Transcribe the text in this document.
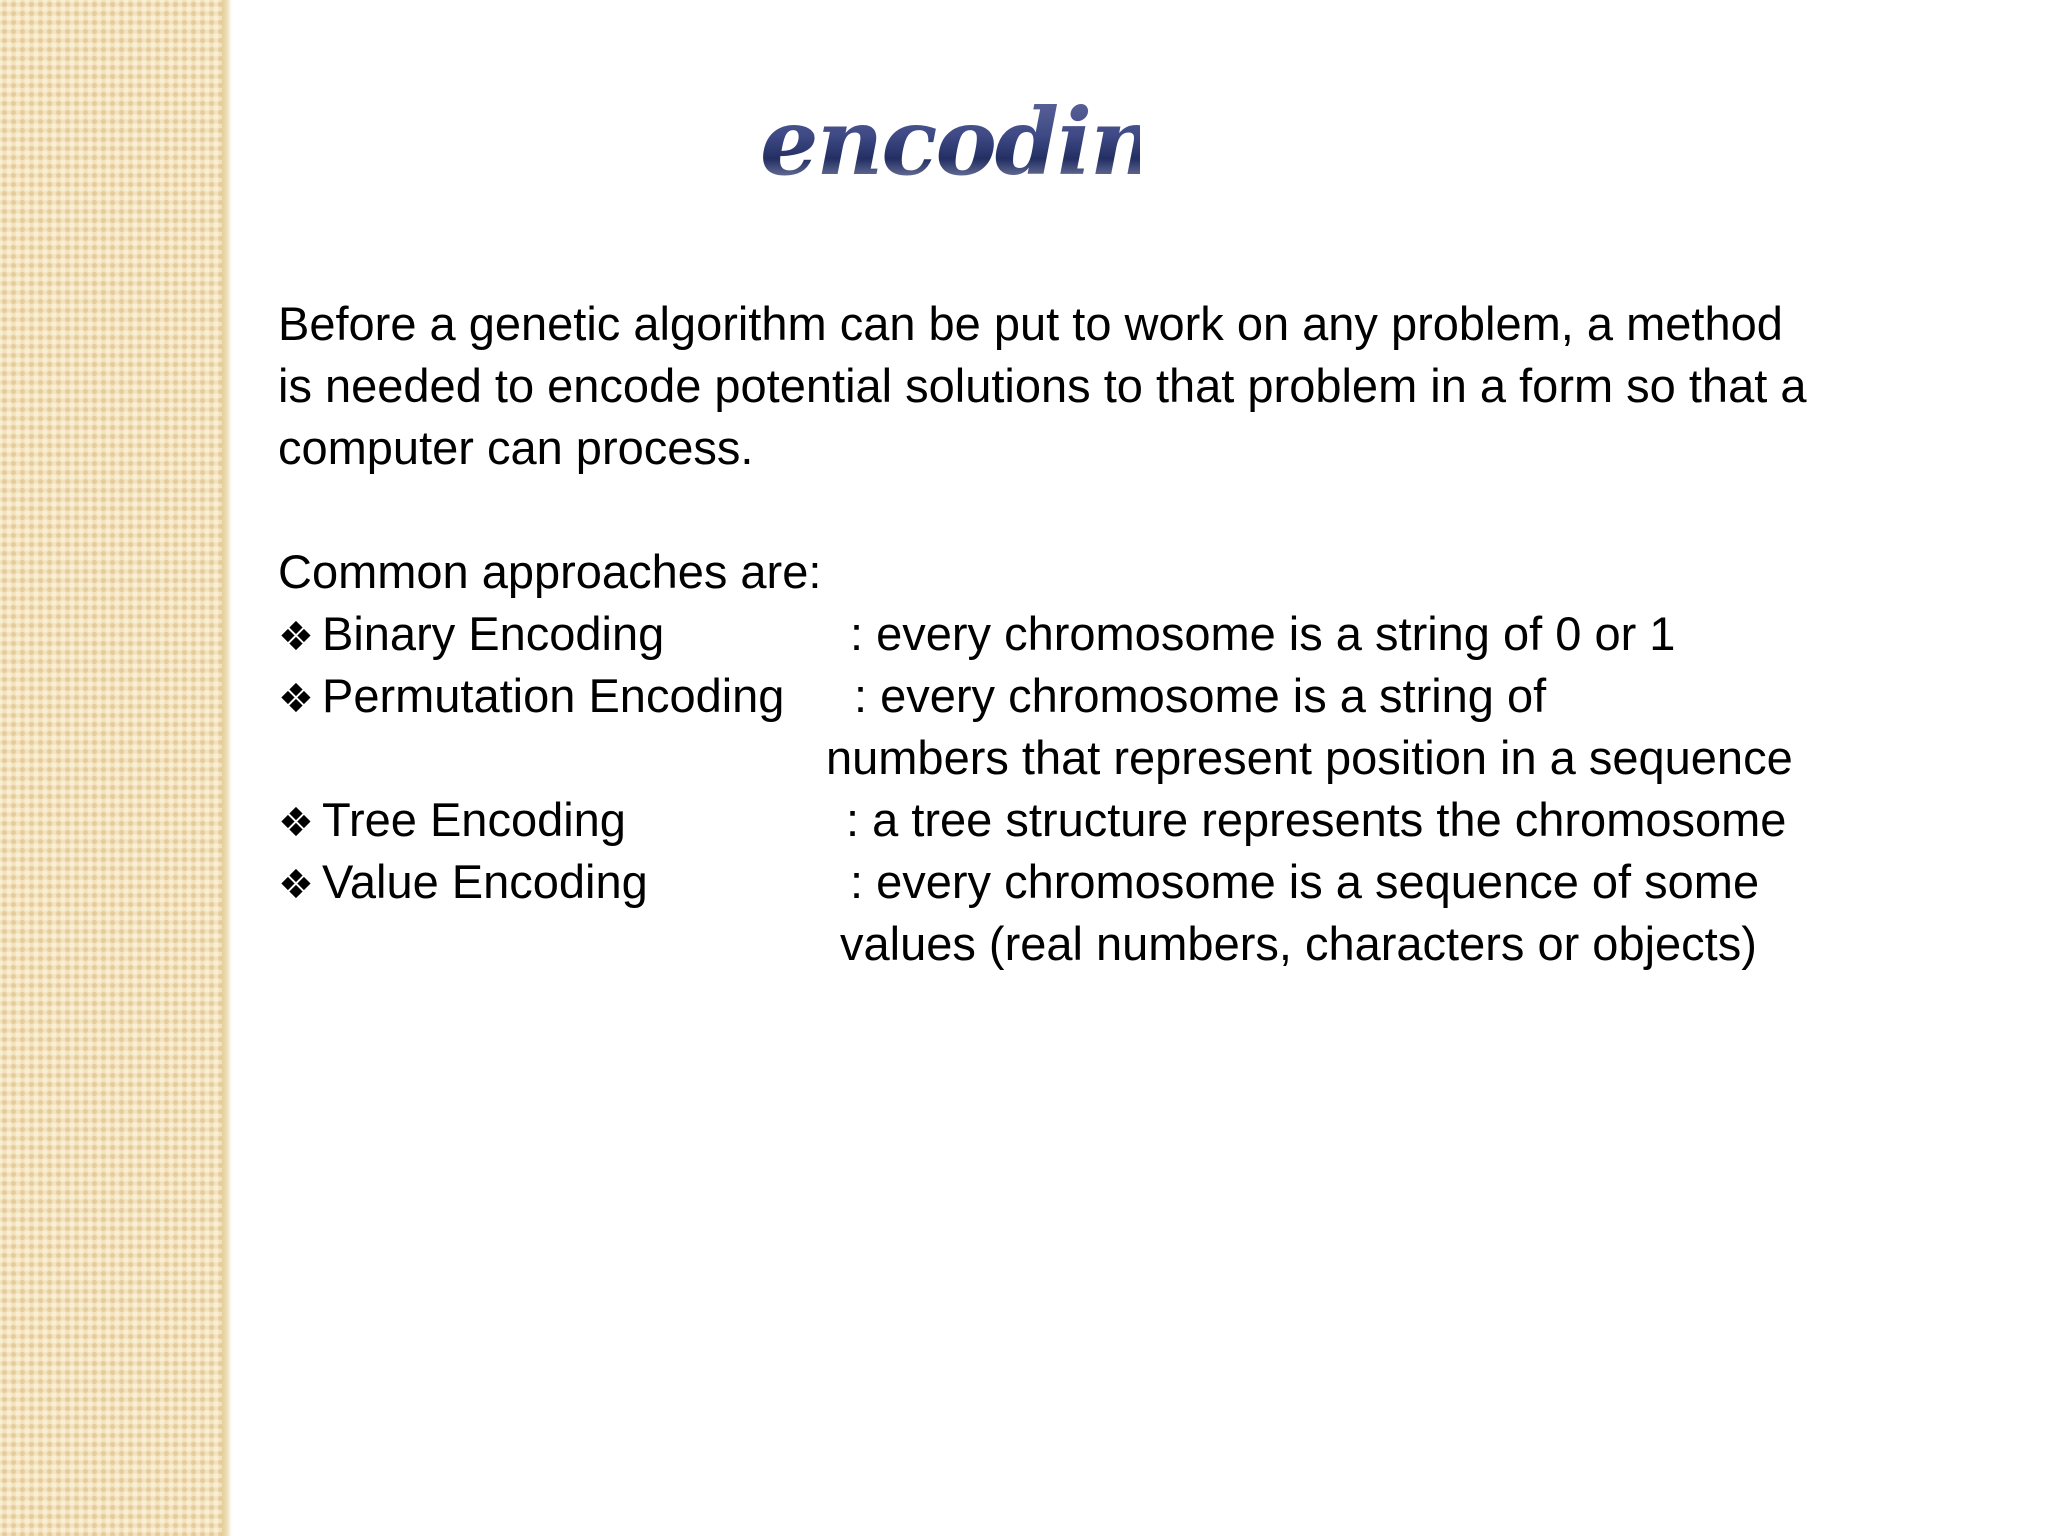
encoding

Before a genetic algorithm can be put to work on any problem, a method

is needed to encode potential solutions to that problem in a form so that a

computer can process.

Common approaches are:

❖ Binary Encoding	: every chromosome is a string of 0 or 1
❖ Permutation Encoding : every chromosome is a string of
numbers that represent position in a sequence
❖ Tree Encoding	: a tree structure represents the chromosome
❖ Value Encoding	: every chromosome is a sequence of some
values (real numbers, characters or objects)
